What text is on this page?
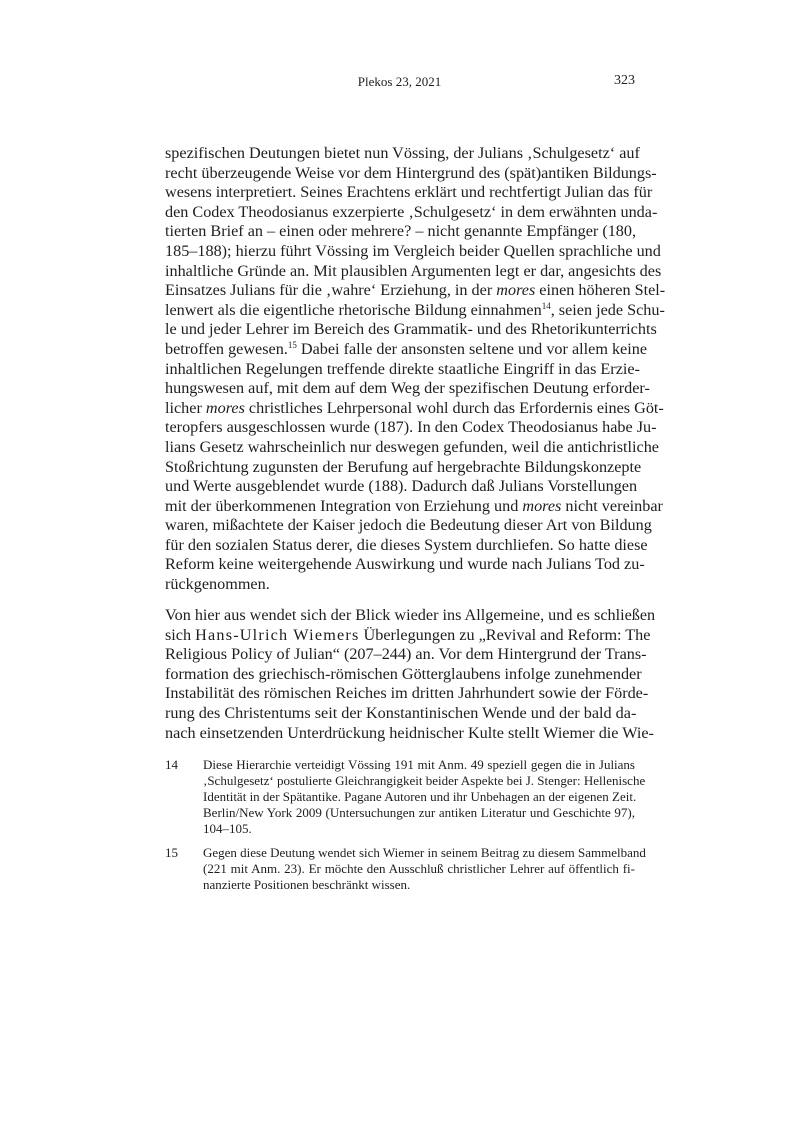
Plekos 23, 2021	323
spezifischen Deutungen bietet nun Vössing, der Julians ‚Schulgesetz‘ auf
recht überzeugende Weise vor dem Hintergrund des (spät)antiken Bildungs-
wesens interpretiert. Seines Erachtens erklärt und rechtfertigt Julian das für
den Codex Theodosianus exzerpierte ‚Schulgesetz‘ in dem erwähnten unda-
tierten Brief an – einen oder mehrere? – nicht genannte Empfänger (180,
185–188); hierzu führt Vössing im Vergleich beider Quellen sprachliche und
inhaltliche Gründe an. Mit plausiblen Argumenten legt er dar, angesichts des
Einsatzes Julians für die ‚wahre‘ Erziehung, in der mores einen höheren Stel-
lenwert als die eigentliche rhetorische Bildung einnahmen$^{14}$, seien jede Schu-
le und jeder Lehrer im Bereich des Grammatik- und des Rhetorikunterrichts
betroffen gewesen.$^{15}$ Dabei falle der ansonsten seltene und vor allem keine
inhaltlichen Regelungen treffende direkte staatliche Eingriff in das Erzie-
hungswesen auf, mit dem auf dem Weg der spezifischen Deutung erforder-
licher mores christliches Lehrpersonal wohl durch das Erfordernis eines Göt-
teropfers ausgeschlossen wurde (187). In den Codex Theodosianus habe Ju-
lians Gesetz wahrscheinlich nur deswegen gefunden, weil die antichristliche
Stoßrichtung zugunsten der Berufung auf hergebrachte Bildungskonzepte
und Werte ausgeblendet wurde (188). Dadurch daß Julians Vorstellungen
mit der überkommenen Integration von Erziehung und mores nicht vereinbar
waren, mißachtete der Kaiser jedoch die Bedeutung dieser Art von Bildung
für den sozialen Status derer, die dieses System durchliefen. So hatte diese
Reform keine weitergehende Auswirkung und wurde nach Julians Tod zu-
rückgenommen.
Von hier aus wendet sich der Blick wieder ins Allgemeine, und es schließen
sich Hans-Ulrich Wiemers Überlegungen zu „Revival and Reform: The
Religious Policy of Julian“ (207–244) an. Vor dem Hintergrund der Trans-
formation des griechisch-römischen Götterglaubens infolge zunehmender
Instabilität des römischen Reiches im dritten Jahrhundert sowie der Förde-
rung des Christentums seit der Konstantinischen Wende und der bald da-
nach einsetzenden Unterdrückung heidnischer Kulte stellt Wiemer die Wie-
14 Diese Hierarchie verteidigt Vössing 191 mit Anm. 49 speziell gegen die in Julians
‚Schulgesetz‘ postulierte Gleichrangigkeit beider Aspekte bei J. Stenger: Hellenische
Identität in der Spätantike. Pagane Autoren und ihr Unbehagen an der eigenen Zeit.
Berlin/New York 2009 (Untersuchungen zur antiken Literatur und Geschichte 97),
104–105.
15 Gegen diese Deutung wendet sich Wiemer in seinem Beitrag zu diesem Sammelband
(221 mit Anm. 23). Er möchte den Ausschluß christlicher Lehrer auf öffentlich fi-
nanzierte Positionen beschränkt wissen.
